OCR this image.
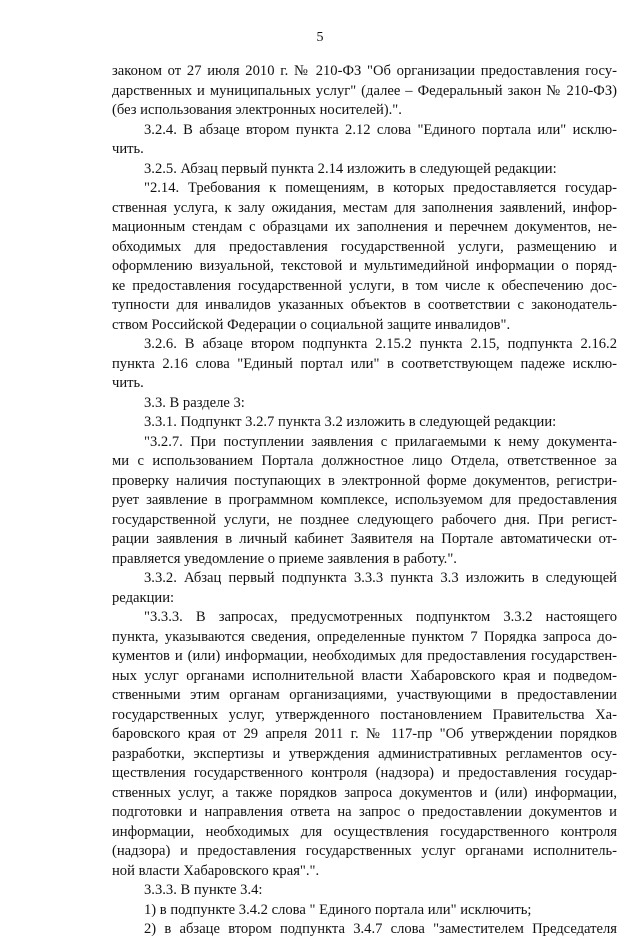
5
законом от 27 июля 2010 г. № 210-ФЗ "Об организации предоставления госу-
дарственных и муниципальных услуг" (далее – Федеральный закон № 210-ФЗ)
(без использования электронных носителей).".
3.2.4. В абзаце втором пункта 2.12 слова "Единого портала или" исклю-
чить.
3.2.5. Абзац первый пункта 2.14 изложить в следующей редакции:
"2.14. Требования к помещениям, в которых предоставляется государ-
ственная услуга, к залу ожидания, местам для заполнения заявлений, инфор-
мационным стендам с образцами их заполнения и перечнем документов, не-
обходимых для предоставления государственной услуги, размещению и
оформлению визуальной, текстовой и мультимедийной информации о поряд-
ке предоставления государственной услуги, в том числе к обеспечению дос-
тупности для инвалидов указанных объектов в соответствии с законодатель-
ством Российской Федерации о социальной защите инвалидов".
3.2.6. В абзаце втором подпункта 2.15.2 пункта 2.15, подпункта 2.16.2
пункта 2.16 слова "Единый портал или" в соответствующем падеже исклю-
чить.
3.3. В разделе 3:
3.3.1. Подпункт 3.2.7 пункта 3.2 изложить в следующей редакции:
"3.2.7. При поступлении заявления с прилагаемыми к нему документа-
ми с использованием Портала должностное лицо Отдела, ответственное за
проверку наличия поступающих в электронной форме документов, регистри-
рует заявление в программном комплексе, используемом для предоставления
государственной услуги, не позднее следующего рабочего дня. При регист-
рации заявления в личный кабинет Заявителя на Портале автоматически от-
правляется уведомление о приеме заявления в работу.".
3.3.2. Абзац первый подпункта 3.3.3 пункта 3.3 изложить в следующей
редакции:
"3.3.3. В запросах, предусмотренных подпунктом 3.3.2 настоящего
пункта, указываются сведения, определенные пунктом 7 Порядка запроса до-
кументов и (или) информации, необходимых для предоставления государствен-
ных услуг органами исполнительной власти Хабаровского края и подведом-
ственными этим органам организациями, участвующими в предоставлении
государственных услуг, утвержденного постановлением Правительства Ха-
баровского края от 29 апреля 2011 г. № 117-пр "Об утверждении порядков
разработки, экспертизы и утверждения административных регламентов осу-
ществления государственного контроля (надзора) и предоставления государ-
ственных услуг, а также порядков запроса документов и (или) информации,
подготовки и направления ответа на запрос о предоставлении документов и
информации, необходимых для осуществления государственного контроля
(надзора) и предоставления государственных услуг органами исполнитель-
ной власти Хабаровского края".".
3.3.3. В пункте 3.4:
1) в подпункте 3.4.2 слова " Единого портала или" исключить;
2) в абзаце втором подпункта 3.4.7 слова "заместителем Председателя
